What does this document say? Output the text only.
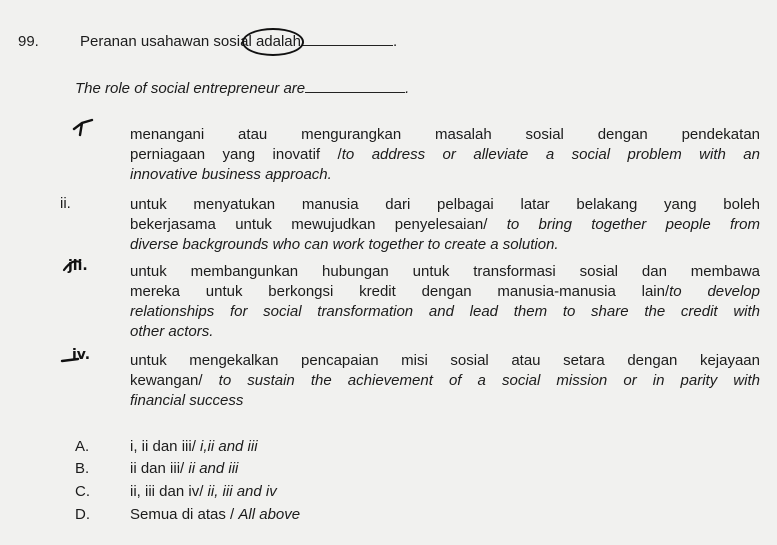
99.	Peranan usahawan sosial adalah	.
The role of social entrepreneur are	.
menangani atau mengurangkan masalah sosial dengan pendekatan
perniagaan yang inovatif /to address or alleviate a social problem with an
innovative business approach.
ii.	untuk menyatukan manusia dari pelbagai latar belakang yang boleh
bekerjasama untuk mewujudkan penyelesaian/ to bring together people from
diverse backgrounds who can work together to create a solution.
jii.	untuk membangunkan hubungan untuk transformasi sosial dan membawa
mereka untuk berkongsi kredit dengan manusia-manusia lain/to develop
relationships for social transformation and lead them to share the credit with
other actors.
iv.	untuk mengekalkan pencapaian misi sosial atau setara dengan kejayaan
kewangan/ to sustain the achievement of a social mission or in parity with
financial success
A.	i, ii dan iii/ i,ii and iii
B.	ii dan iii/ ii and iii
C.	ii, iii dan iv/ ii, iii and iv
D.	Semua di atas / All above
